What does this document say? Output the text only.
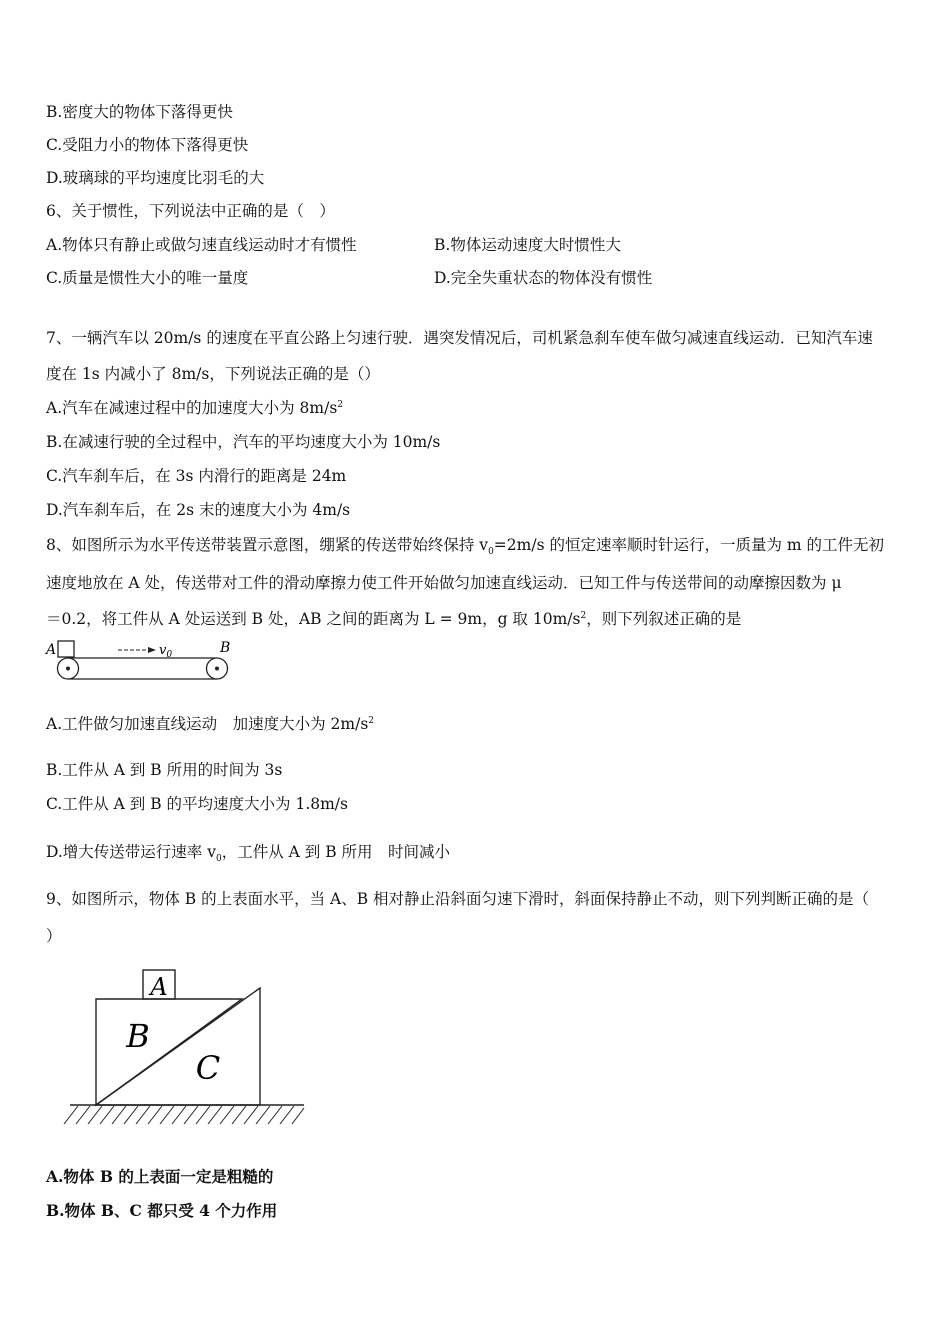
B.密度大的物体下落得更快
C.受阻力小的物体下落得更快
D.玻璃球的平均速度比羽毛的大
6、关于惯性，下列说法中正确的是（　）
A.物体只有静止或做匀速直线运动时才有惯性	B.物体运动速度大时惯性大
C.质量是惯性大小的唯一量度	D.完全失重状态的物体没有惯性
7、一辆汽车以 20m/s 的速度在平直公路上匀速行驶．遇突发情况后，司机紧急刹车使车做匀减速直线运动．已知汽车速
度在 1s 内减小了 8m/s，下列说法正确的是（）
A.汽车在减速过程中的加速度大小为 $8m/s^2$
B.在减速行驶的全过程中，汽车的平均速度大小为 10m/s
C.汽车刹车后，在 3s 内滑行的距离是 24m
D.汽车刹车后，在 2s 末的速度大小为 4m/s
8、如图所示为水平传送带装置示意图，绷紧的传送带始终保持 $v_0=2m/s$ 的恒定速率顺时针运行，一质量为 m 的工件无初
速度地放在 A 处，传送带对工件的滑动摩擦力使工件开始做匀加速直线运动．已知工件与传送带间的动摩擦因数为 μ
＝0.2，将工件从 A 处运送到 B 处，AB 之间的距离为 L = 9m，g 取 $10m/s^2$，则下列叙述正确的是
A	$v_0$	B
A.工件做匀加速直线运动　加速度大小为 $2m/s^2$
B.工件从 A 到 B 所用的时间为 3s
C.工件从 A 到 B 的平均速度大小为 1.8m/s
D.增大传送带运行速率 $v_0$，工件从 A 到 B 所用　时间减小
9、如图所示，物体 B 的上表面水平，当 A、B 相对静止沿斜面匀速下滑时，斜面保持静止不动，则下列判断正确的是（
）
A
B
C
A.物体 B 的上表面一定是粗糙的
B.物体 B、C 都只受 4 个力作用
